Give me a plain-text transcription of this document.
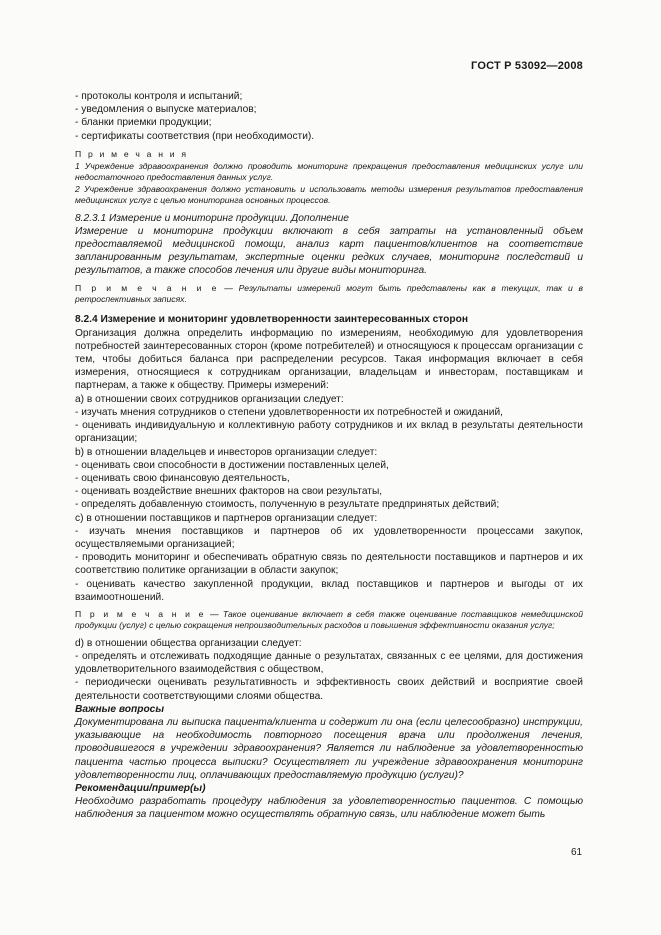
ГОСТ Р 53092—2008

- протоколы контроля и испытаний;

- уведомления о выпуске материалов;

- бланки приемки продукции;

- сертификаты соответствия (при необходимости).

П р и м е ч а н и я

1 Учреждение здравоохранения должно проводить мониторинг прекращения предоставления медицинских услуг или недостаточного предоставления данных услуг.

2 Учреждение здравоохранения должно установить и использовать методы измерения результатов предоставления медицинских услуг с целью мониторинга основных процессов.

8.2.3.1 Измерение и мониторинг продукции. Дополнение

Измерение и мониторинг продукции включают в себя затраты на установленный объем предоставляемой медицинской помощи, анализ карт пациентов/клиентов на соответствие запланированным результатам, экспертные оценки редких случаев, мониторинг последствий и результатов, а также способов лечения или другие виды мониторинга.

П р и м е ч а н и е — Результаты измерений могут быть представлены как в текущих, так и в ретроспективных записях.

8.2.4 Измерение и мониторинг удовлетворенности заинтересованных сторон

Организация должна определить информацию по измерениям, необходимую для удовлетворения потребностей заинтересованных сторон (кроме потребителей) и относящуюся к процессам организации с тем, чтобы добиться баланса при распределении ресурсов. Такая информация включает в себя измерения, относящиеся к сотрудникам организации, владельцам и инвесторам, поставщикам и партнерам, а также к обществу. Примеры измерений:

а) в отношении своих сотрудников организации следует:

- изучать мнения сотрудников о степени удовлетворенности их потребностей и ожиданий,

- оценивать индивидуальную и коллективную работу сотрудников и их вклад в результаты деятельности организации;

b) в отношении владельцев и инвесторов организации следует:

- оценивать свои способности в достижении поставленных целей,

- оценивать свою финансовую деятельность,

- оценивать воздействие внешних факторов на свои результаты,

- определять добавленную стоимость, полученную в результате предпринятых действий;

с) в отношении поставщиков и партнеров организации следует:

- изучать мнения поставщиков и партнеров об их удовлетворенности процессами закупок, осуществляемыми организацией;

- проводить мониторинг и обеспечивать обратную связь по деятельности поставщиков и партнеров и их соответствию политике организации в области закупок;

- оценивать качество закупленной продукции, вклад поставщиков и партнеров и выгоды от их взаимоотношений.

П р и м е ч а н и е — Такое оценивание включает в себя также оценивание поставщиков немедицинской продукции (услуг) с целью сокращения непроизводительных расходов и повышения эффективности оказания услуг;

d) в отношении общества организации следует:

- определять и отслеживать подходящие данные о результатах, связанных с ее целями, для достижения удовлетворительного взаимодействия с обществом,

- периодически оценивать результативность и эффективность своих действий и восприятие своей деятельности соответствующими слоями общества.

Важные вопросы

Документирована ли выписка пациента/клиента и содержит ли она (если целесообразно) инструкции, указывающие на необходимость повторного посещения врача или продолжения лечения, проводившегося в учреждении здравоохранения? Является ли наблюдение за удовлетворенностью пациента частью процесса выписки? Осуществляет ли учреждение здравоохранения мониторинг удовлетворенности лиц, оплачивающих предоставляемую продукцию (услуги)?

Рекомендации/пример(ы)

Необходимо разработать процедуру наблюдения за удовлетворенностью пациентов. С помощью наблюдения за пациентом можно осуществлять обратную связь, или наблюдение может быть

61
